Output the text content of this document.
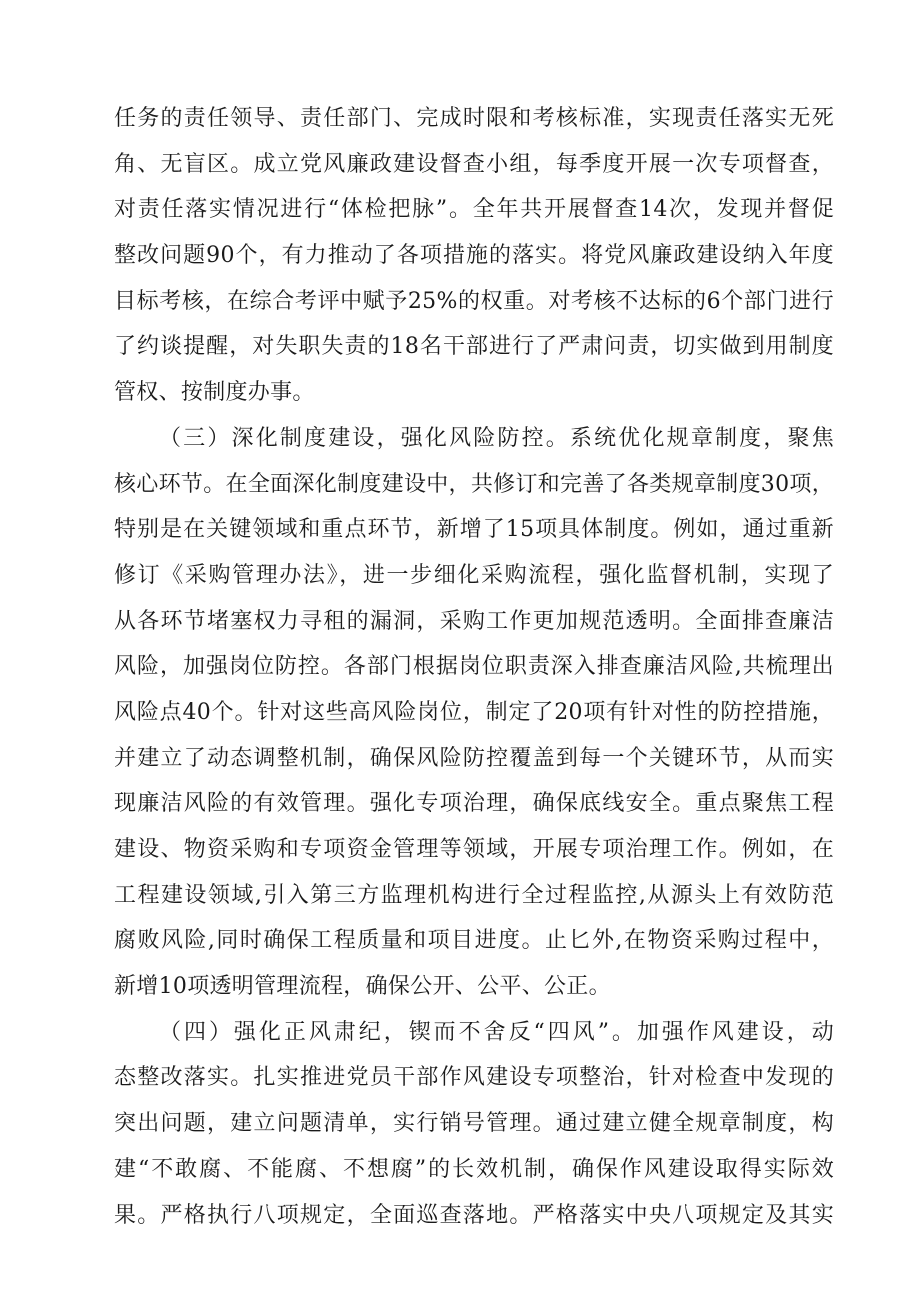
任务的责任领导、责任部门、完成时限和考核标准，实现责任落实无死
角、无盲区。成立党风廉政建设督查小组，每季度开展一次专项督查，
对责任落实情况进行“体检把脉”。全年共开展督查14次，发现并督促
整改问题90个，有力推动了各项措施的落实。将党风廉政建设纳入年度
目标考核，在综合考评中赋予25%的权重。对考核不达标的6个部门进行
了约谈提醒，对失职失责的18名干部进行了严肃问责，切实做到用制度
管权、按制度办事。
（三）深化制度建设，强化风险防控。系统优化规章制度，聚焦
核心环节。在全面深化制度建设中，共修订和完善了各类规章制度30项，
特别是在关键领域和重点环节，新增了15项具体制度。例如，通过重新
修订《采购管理办法》，进一步细化采购流程，强化监督机制，实现了
从各环节堵塞权力寻租的漏洞，采购工作更加规范透明。全面排查廉洁
风险，加强岗位防控。各部门根据岗位职责深入排查廉洁风险,共梳理出
风险点40个。针对这些高风险岗位，制定了20项有针对性的防控措施，
并建立了动态调整机制，确保风险防控覆盖到每一个关键环节，从而实
现廉洁风险的有效管理。强化专项治理，确保底线安全。重点聚焦工程
建设、物资采购和专项资金管理等领域，开展专项治理工作。例如，在
工程建设领域,引入第三方监理机构进行全过程监控,从源头上有效防范
腐败风险,同时确保工程质量和项目进度。止匕外,在物资采购过程中，
新增10项透明管理流程，确保公开、公平、公正。
（四）强化正风肃纪，锲而不舍反“四风”。加强作风建设，动
态整改落实。扎实推进党员干部作风建设专项整治，针对检查中发现的
突出问题，建立问题清单，实行销号管理。通过建立健全规章制度，构
建“不敢腐、不能腐、不想腐”的长效机制，确保作风建设取得实际效
果。严格执行八项规定，全面巡查落地。严格落实中央八项规定及其实
